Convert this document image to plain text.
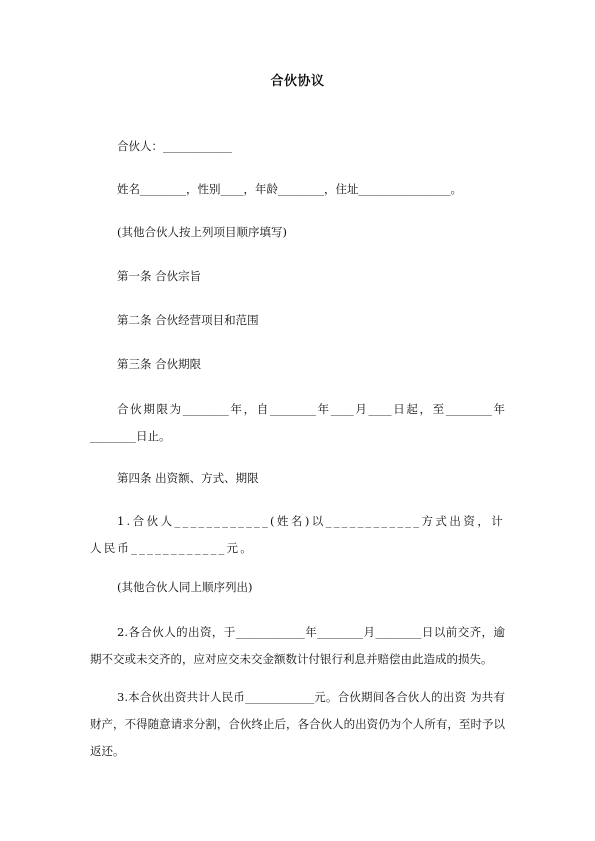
合伙协议
合伙人：____________
姓名________，性别____，年龄________，住址________________。
(其他合伙人按上列项目顺序填写)
第一条 合伙宗旨
第二条 合伙经营项目和范围
第三条 合伙期限
合伙期限为________年，自________年____月____日起，至________年________日止。
第四条 出资额、方式、期限
1.合伙人____________(姓名)以____________方式出资，计人民币____________元。
(其他合伙人同上顺序列出)
2.各合伙人的出资，于____________年________月________日以前交齐，逾期不交或未交齐的，应对应交未交金额数计付银行利息并赔偿由此造成的损失。
3.本合伙出资共计人民币____________元。合伙期间各合伙人的出资 为共有财产，不得随意请求分割，合伙终止后，各合伙人的出资仍为个人所有，至时予以返还。
